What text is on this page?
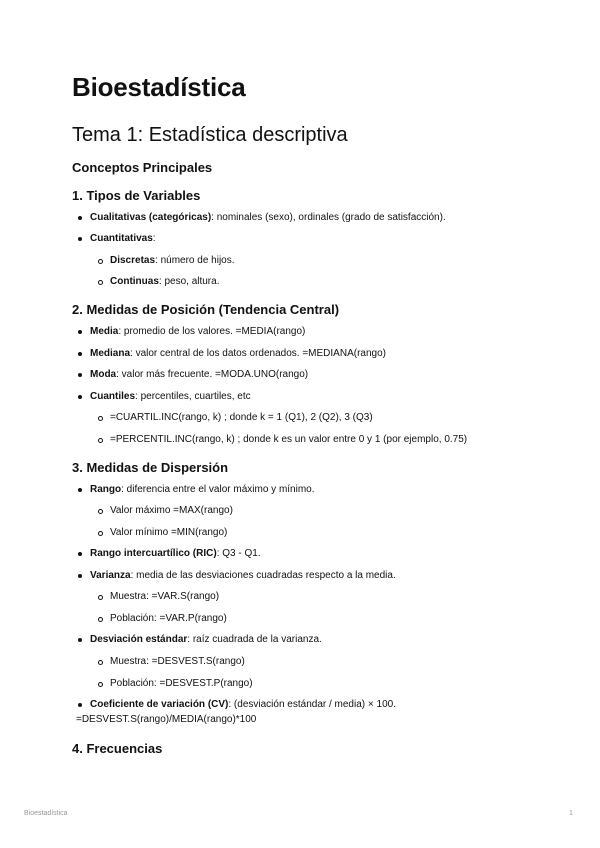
Bioestadística
Tema 1: Estadística descriptiva
Conceptos Principales
1. Tipos de Variables
Cualitativas (categóricas): nominales (sexo), ordinales (grado de satisfacción).
Cuantitativas:
Discretas: número de hijos.
Continuas: peso, altura.
2. Medidas de Posición (Tendencia Central)
Media: promedio de los valores. =MEDIA(rango)
Mediana: valor central de los datos ordenados. =MEDIANA(rango)
Moda: valor más frecuente. =MODA.UNO(rango)
Cuantiles: percentiles, cuartiles, etc
=CUARTIL.INC(rango, k) ; donde k = 1 (Q1), 2 (Q2), 3 (Q3)
=PERCENTIL.INC(rango, k) ; donde k es un valor entre 0 y 1 (por ejemplo, 0.75)
3. Medidas de Dispersión
Rango: diferencia entre el valor máximo y mínimo.
Valor máximo =MAX(rango)
Valor mínimo =MIN(rango)
Rango intercuartílico (RIC): Q3 - Q1.
Varianza: media de las desviaciones cuadradas respecto a la media.
Muestra: =VAR.S(rango)
Población: =VAR.P(rango)
Desviación estándar: raíz cuadrada de la varianza.
Muestra: =DESVEST.S(rango)
Población: =DESVEST.P(rango)
Coeficiente de variación (CV): (desviación estándar / media) × 100.
=DESVEST.S(rango)/MEDIA(rango)*100
4. Frecuencias
Bioestadística	1
